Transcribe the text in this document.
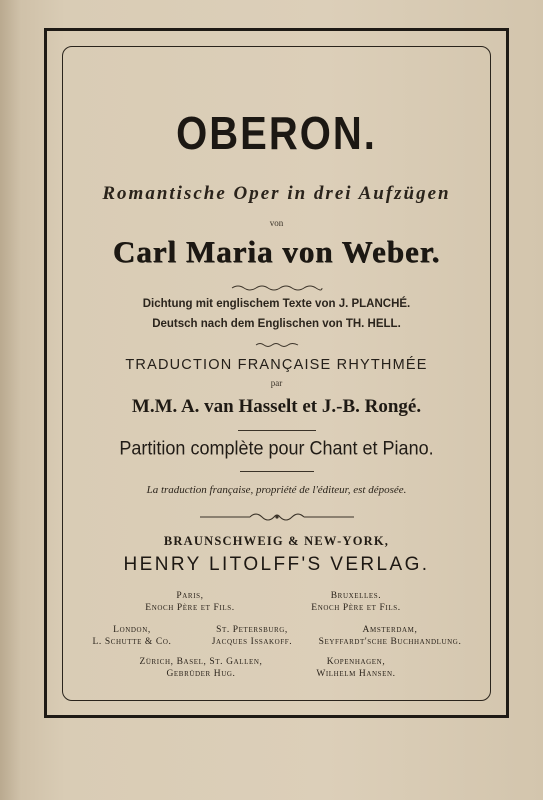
OBERON.

Romantische Oper in drei Aufzügen

von

Carl Maria von Weber.

Dichtung mit englischem Texte von J. PLANCHÉ.

Deutsch nach dem Englischen von TH. HELL.

TRADUCTION FRANÇAISE RHYTHMÉE

par

M.M. A. van Hasselt et J.-B. Rongé.

Partition complète pour Chant et Piano.

La traduction française, propriété de l'éditeur, est déposée.

BRAUNSCHWEIG & NEW-YORK,

HENRY LITOLFF'S VERLAG.

Paris,
Enoch Père et Fils.
Bruxelles.
Enoch Père et Fils.
London,
L. Schutte & Co.
St. Petersburg,
Jacques Issakoff.
Amsterdam,
Seyffardt'sche Buchhandlung.
Zürich, Basel, St. Gallen,
Gebrüder Hug.
Kopenhagen,
Wilhelm Hansen.
